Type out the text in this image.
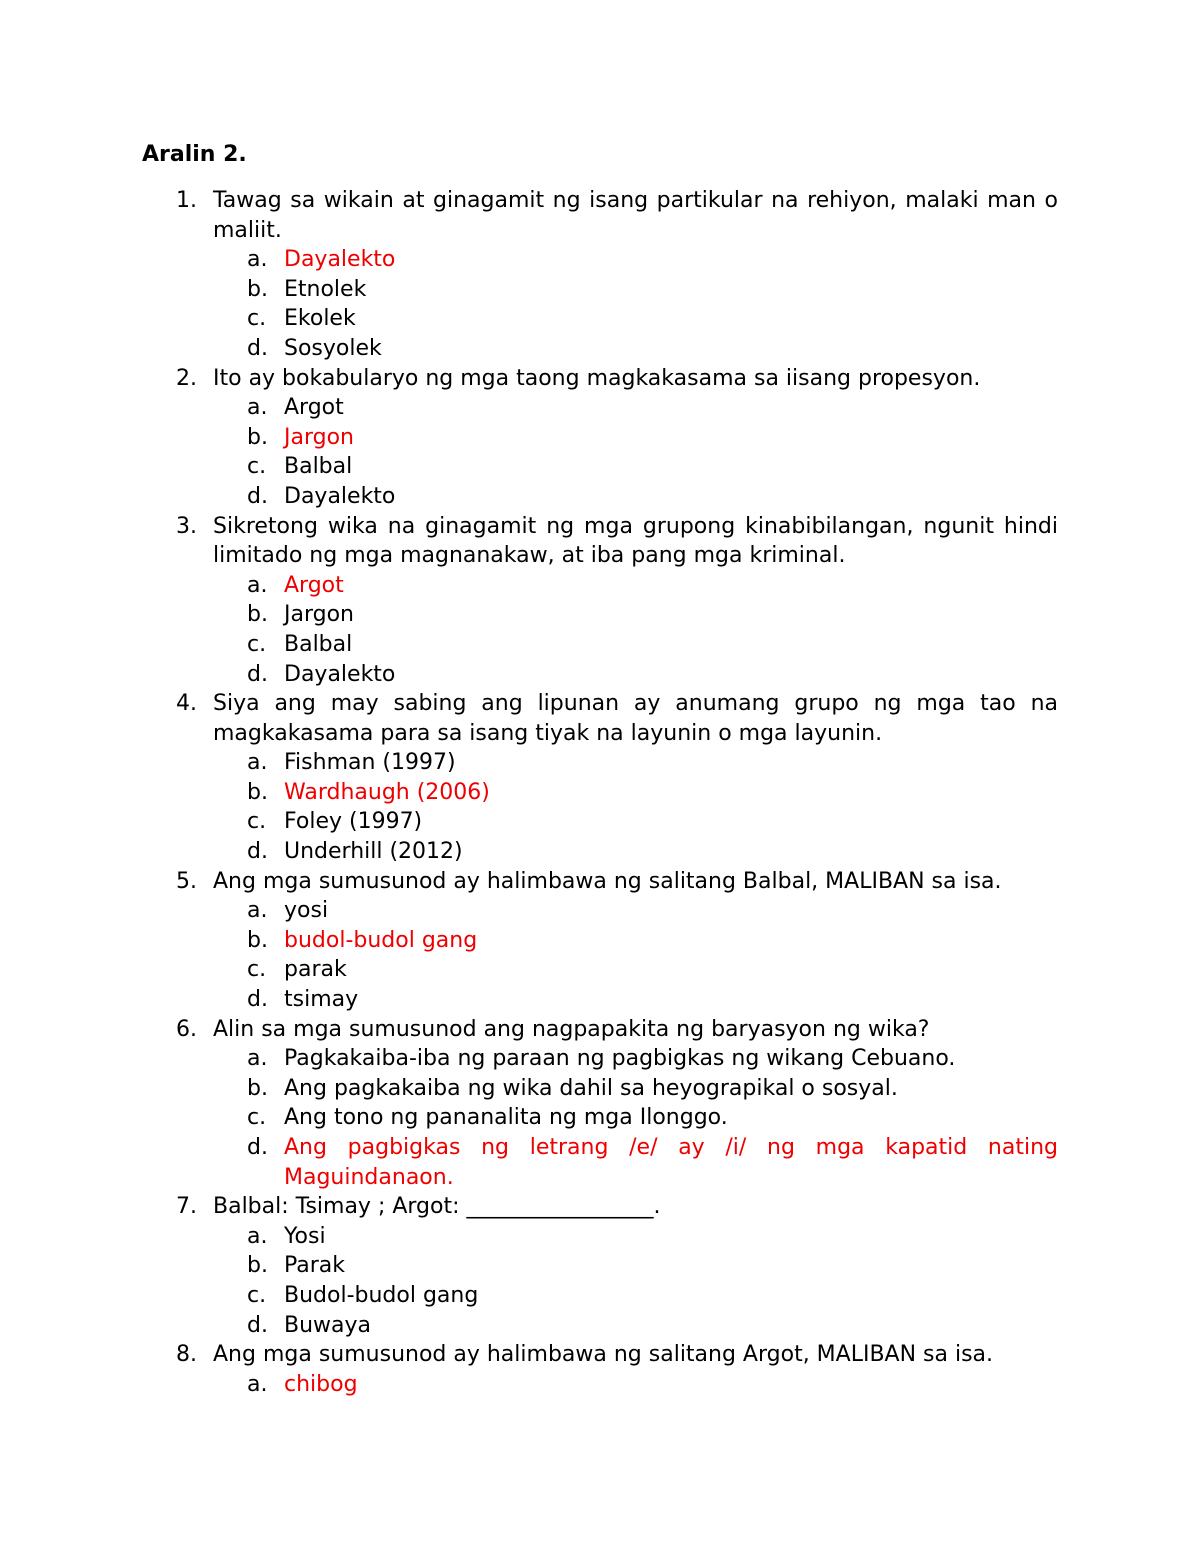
Aralin 2.
1. Tawag sa wikain at ginagamit ng isang partikular na rehiyon, malaki man o maliit.
a. Dayalekto
b. Etnolek
c. Ekolek
d. Sosyolek
2. Ito ay bokabularyo ng mga taong magkakasama sa iisang propesyon.
a. Argot
b. Jargon
c. Balbal
d. Dayalekto
3. Sikretong wika na ginagamit ng mga grupong kinabibilangan, ngunit hindi limitado ng mga magnanakaw, at iba pang mga kriminal.
a. Argot
b. Jargon
c. Balbal
d. Dayalekto
4. Siya ang may sabing ang lipunan ay anumang grupo ng mga tao na magkakasama para sa isang tiyak na layunin o mga layunin.
a. Fishman (1997)
b. Wardhaugh (2006)
c. Foley (1997)
d. Underhill (2012)
5. Ang mga sumusunod ay halimbawa ng salitang Balbal, MALIBAN sa isa.
a. yosi
b. budol-budol gang
c. parak
d. tsimay
6. Alin sa mga sumusunod ang nagpapakita ng baryasyon ng wika?
a. Pagkakaiba-iba ng paraan ng pagbigkas ng wikang Cebuano.
b. Ang pagkakaiba ng wika dahil sa heyograpikal o sosyal.
c. Ang tono ng pananalita ng mga Ilonggo.
d. Ang pagbigkas ng letrang /e/ ay /i/ ng mga kapatid nating Maguindanaon.
7. Balbal: Tsimay ; Argot: _________________.
a. Yosi
b. Parak
c. Budol-budol gang
d. Buwaya
8. Ang mga sumusunod ay halimbawa ng salitang Argot, MALIBAN sa isa.
a. chibog
